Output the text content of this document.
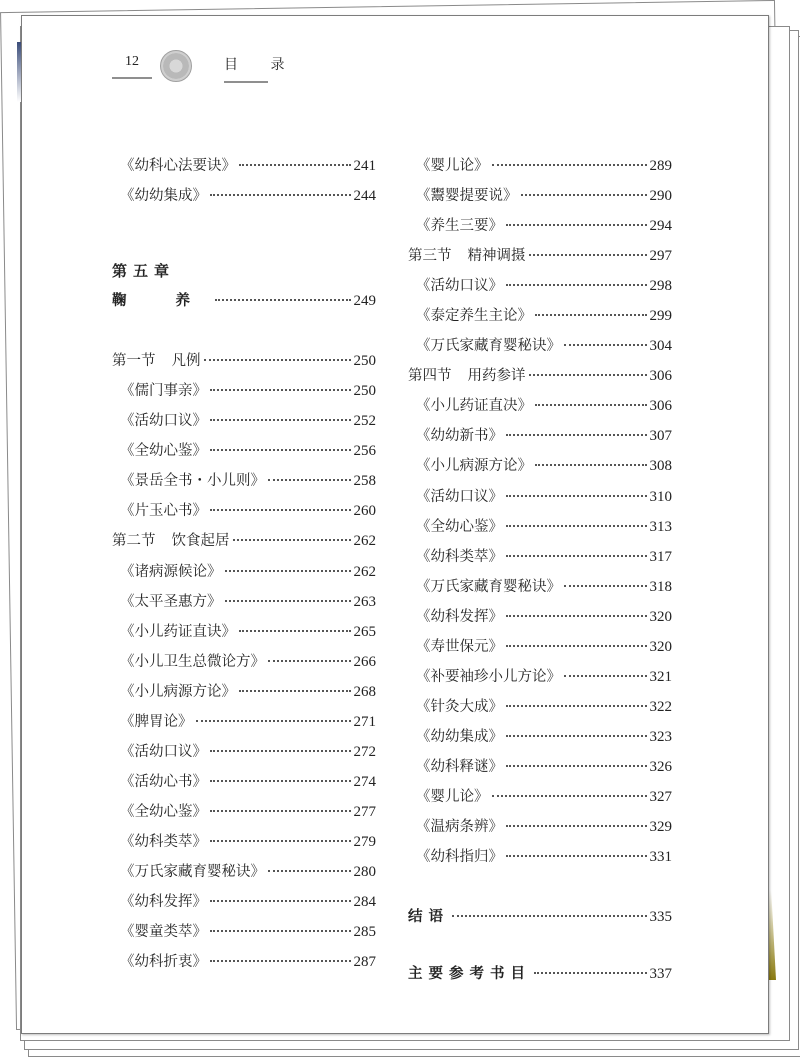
12	目 录
《幼科心法要诀》	241
《幼幼集成》	244
第五章
鞠 养	249
第一节 凡例	250
《儒门事亲》	250
《活幼口议》	252
《全幼心鉴》	256
《景岳全书・小儿则》	258
《片玉心书》	260
第二节 饮食起居	262
《诸病源候论》	262
《太平圣惠方》	263
《小儿药证直诀》	265
《小儿卫生总微论方》	266
《小儿病源方论》	268
《脾胃论》	271
《活幼口议》	272
《活幼心书》	274
《全幼心鉴》	277
《幼科类萃》	279
《万氏家藏育婴秘诀》	280
《幼科发挥》	284
《婴童类萃》	285
《幼科折衷》	287
《婴儿论》	289
《鬻婴提要说》	290
《养生三要》	294
第三节 精神调摄	297
《活幼口议》	298
《泰定养生主论》	299
《万氏家藏育婴秘诀》	304
第四节 用药参详	306
《小儿药证直决》	306
《幼幼新书》	307
《小儿病源方论》	308
《活幼口议》	310
《全幼心鉴》	313
《幼科类萃》	317
《万氏家藏育婴秘诀》	318
《幼科发挥》	320
《寿世保元》	320
《补要袖珍小儿方论》	321
《针灸大成》	322
《幼幼集成》	323
《幼科释谜》	326
《婴儿论》	327
《温病条辨》	329
《幼科指归》	331
结语	335
主要参考书目	337
